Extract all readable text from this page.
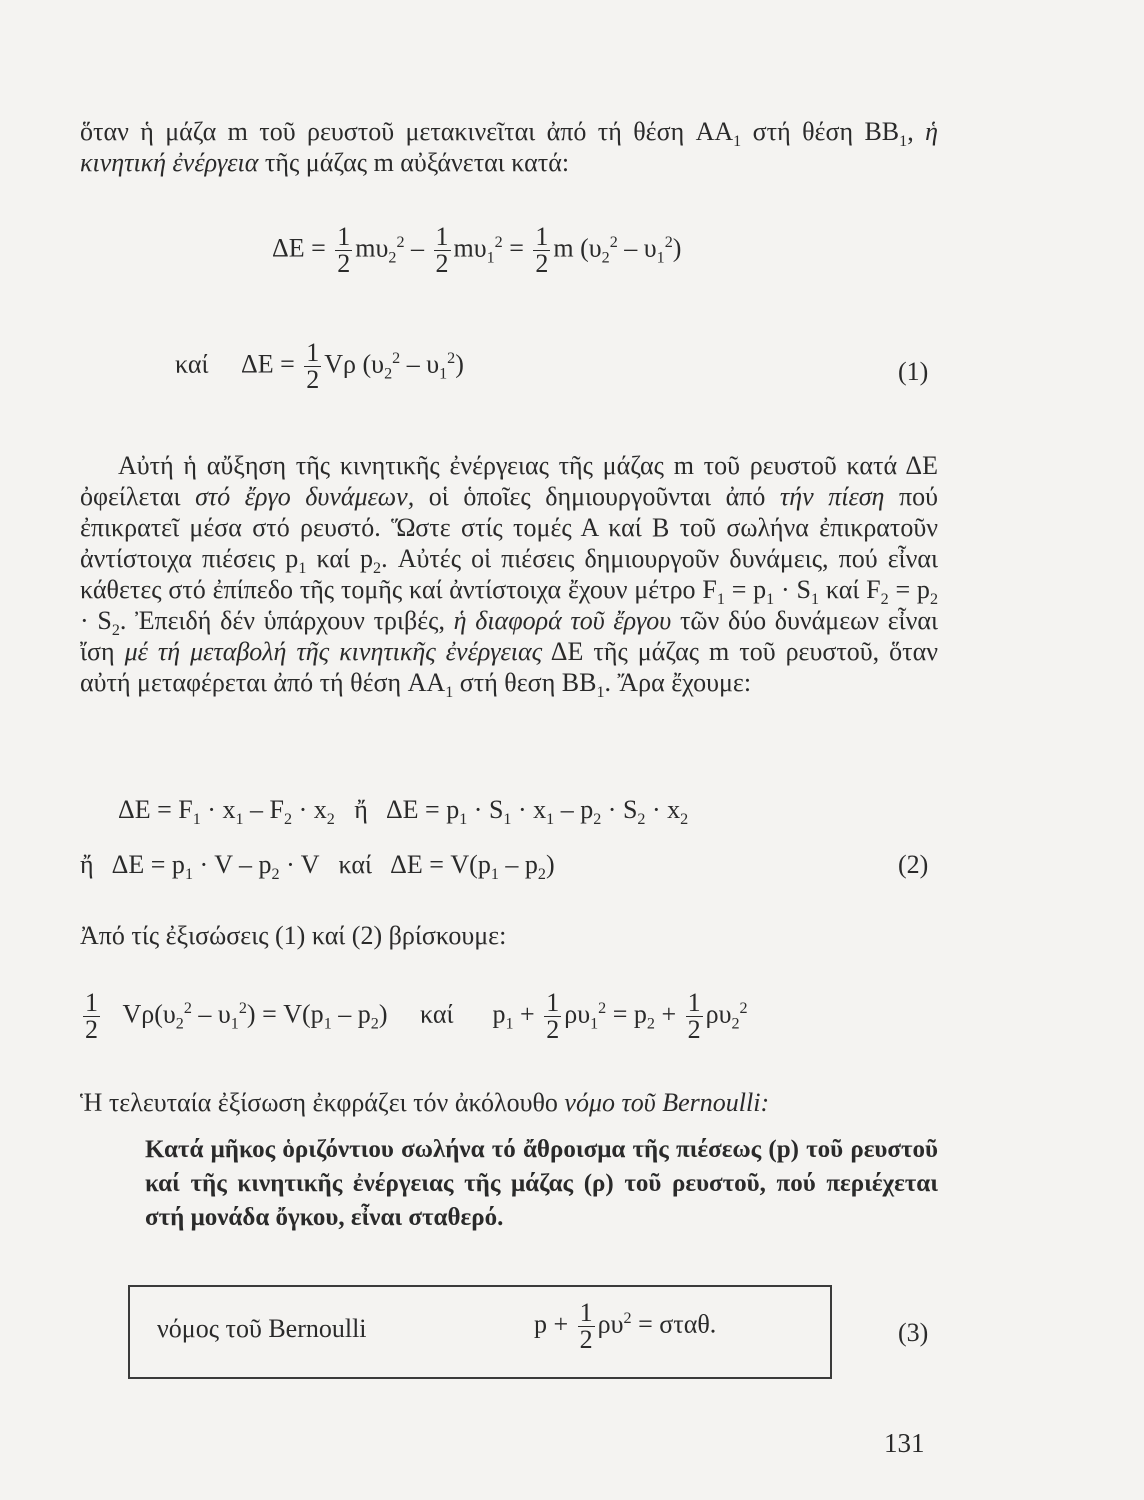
ὅταν ἡ μάζα m τοῦ ρευστοῦ μετακινεῖται ἀπό τή θέση $AA_1$ στή θέση $BB_1$, ἡ κινητική ἐνέργεια τῆς μάζας m αὐξάνεται κατά:

$\Delta E = \frac{1}{2} m\upsilon_2^2 - \frac{1}{2} m\upsilon_1^2 = \frac{1}{2}$ m $(\upsilon_2^2 - \upsilon_1^2)$
καί $\Delta E = \frac{1}{2}$ Vρ $(\upsilon_2^2 - \upsilon_1^2)$	(1)

Αὐτή ἡ αὔξηση τῆς κινητικῆς ἐνέργειας τῆς μάζας m τοῦ ρευστοῦ κατά ΔΕ ὀφείλεται στό ἔργο δυνάμεων, οἱ ὁποῖες δημιουργοῦνται ἀπό τήν πίεση πού ἐπικρατεῖ μέσα στό ρευστό. Ὥστε στίς τομές Α καί Β τοῦ σωλήνα ἐπικρατοῦν ἀντίστοιχα πιέσεις $p_1$ καί $p_2$. Αὐτές οἱ πιέσεις δημιουργοῦν δυνάμεις, πού εἶναι κάθετες στό ἐπίπεδο τῆς τομῆς καί ἀντίστοιχα ἔχουν μέτρο $F_1 = p_1 \cdot S_1$ καί $F_2 = p_2 \cdot S_2$. Ἐπειδή δέν ὑπάρχουν τριβές, ἡ διαφορά τοῦ ἔργου τῶν δύο δυνάμεων εἶναι ἴση μέ τή μεταβολή τῆς κινητικῆς ἐνέργειας ΔΕ τῆς μάζας m τοῦ ρευστοῦ, ὅταν αὐτή μεταφέρεται ἀπό τή θέση $AA_1$ στή θεση $BB_1$. Ἄρα ἔχουμε:

$\Delta E = F_1 \cdot x_1 - F_2 \cdot x_2$   ἤ   $\Delta E = p_1 \cdot S_1 \cdot x_1 - p_2 \cdot S_2 \cdot x_2$
ἤ   $\Delta E = p_1 \cdot V - p_2 \cdot V$   καί   $\Delta E = V(p_1 - p_2)$	(2)

Ἀπό τίς ἐξισώσεις (1) καί (2) βρίσκουμε:

$\frac{1}{2} V\rho(\upsilon_2^2 - \upsilon_1^2) = V(p_1 - p_2)$ καί $p_1 + \frac{1}{2} \rho\upsilon_1^2 = p_2 + \frac{1}{2} \rho\upsilon_2^2$

Ἡ τελευταία ἐξίσωση ἐκφράζει τόν ἀκόλουθο νόμο τοῦ Bernoulli:

Κατά μῆκος ὁριζόντιου σωλήνα τό ἄθροισμα τῆς πιέσεως (p) τοῦ ρευστοῦ καί τῆς κινητικῆς ἐνέργειας τῆς μάζας (ρ) τοῦ ρευστοῦ, πού περιέχεται στή μονάδα ὄγκου, εἶναι σταθερό.
νόμος τοῦ Bernoulli	$p + \frac{1}{2} \rho\upsilon^2 = \sigma\tau\alpha\theta$.	(3)
131
